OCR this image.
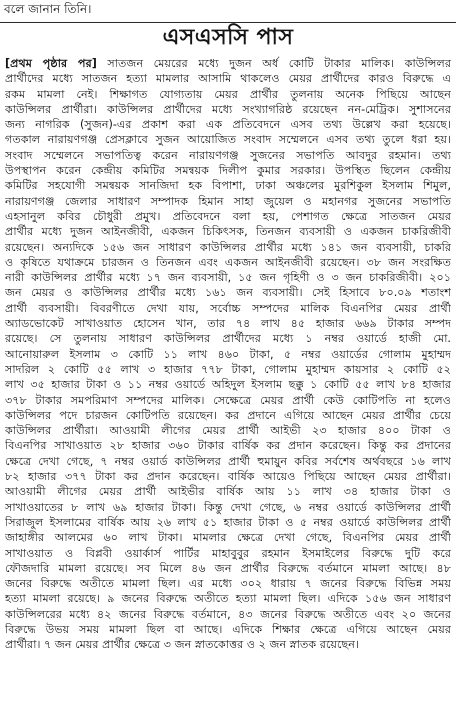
বলে জানান তিনি।
এসএসসি পাস
[প্রথম পৃষ্ঠার পর] সাতজন মেয়রের মধ্যে দুজন অর্ধ কোটি টাকার মালিক। কাউন্সিলর
প্রার্থীদের মধ্যে সাতজন হত্যা মামলার আসামি থাকলেও মেয়র প্রার্থীদের কারও বিরুদ্ধে এ
রকম মামলা নেই। শিক্ষাগত যোগ্যতায় মেয়র প্রার্থীর তুলনায় অনেক পিছিয়ে আছেন
কাউন্সিলর প্রার্থীরা। কাউন্সিলর প্রার্থীদের মধ্যে সংখ্যাগরিষ্ঠ রয়েছেন নন-মেট্রিক। সুশাসনের
জন্য নাগরিক (সুজন)-এর প্রকাশ করা এক প্রতিবেদনে এসব তথ্য উল্লেখ করা হয়েছে।
গতকাল নারায়ণগঞ্জ প্রেসক্লাবে সুজন আয়োজিত সংবাদ সম্মেলনে এসব তথ্য তুলে ধরা হয়।
সংবাদ সম্মেলনে সভাপতিত্ব করেন নারায়ণগঞ্জ সুজনের সভাপতি আবদুর রহমান। তথ্য
উপস্থাপন করেন কেন্দ্রীয় কমিটির সমন্বয়ক দিলীপ কুমার সরকার। উপস্থিত ছিলেন কেন্দ্রীয়
কমিটির সহযোগী সমন্বয়ক সানজিদা হক বিপাশা, ঢাকা অঞ্চলের মুরশিকুল ইসলাম শিমুল,
নারায়ণগঞ্জ জেলার সাধারণ সম্পাদক হিমান সাহা জুয়েল ও মহানগর সুজনের সভাপতি
এহসানুল কবির চৌধুরী প্রমুখ। প্রতিবেদনে বলা হয়, পেশাগত ক্ষেত্রে সাতজন মেয়র
প্রার্থীর মধ্যে দুজন আইনজীবী, একজন চিকিৎসক, তিনজন ব্যবসায়ী ও একজন চাকরিজীবী
রয়েছেন। অন্যদিকে ১৫৬ জন সাধারণ কাউন্সিলর প্রার্থীর মধ্যে ১৪১ জন ব্যবসায়ী, চাকরি
ও কৃষিতে যথাক্রমে চারজন ও তিনজন এবং একজন আইনজীবী রয়েছেন। ৩৮ জন সংরক্ষিত
নারী কাউন্সিলর প্রার্থীর মধ্যে ১৭ জন ব্যবসায়ী, ১৫ জন গৃহিণী ও ৩ জন চাকরিজীবী। ২০১
জন মেয়র ও কাউন্সিলর প্রার্থীর মধ্যে ১৬১ জন ব্যবসায়ী। সেই হিসাবে ৮০.০৯ শতাংশ
প্রার্থী ব্যবসায়ী। বিবরণীতে দেখা যায়, সর্বোচ্চ সম্পদের মালিক বিএনপির মেয়র প্রার্থী
অ্যাডভোকেট সাখাওয়াত হোসেন খান, তার ৭৪ লাখ ৪৫ হাজার ৬৬৯ টাকার সম্পদ
রয়েছে। সে তুলনায় সাধারণ কাউন্সিলর প্রার্থীদের মধ্যে ১ নম্বর ওয়ার্ডে হাজী মো.
আনোয়ারুল ইসলাম ৩ কোটি ১১ লাখ ৪৬০ টাকা, ৫ নম্বর ওয়ার্ডের গোলাম মুহাম্মদ
সাদরিল ২ কোটি ৫৫ লাখ ৩ হাজার ৭৭৮ টাকা, গোলাম মুহাম্মদ কায়সার ২ কোটি ৫২
লাখ ৩৫ হাজার টাকা ও ১১ নম্বর ওয়ার্ডে অহিদুল ইসলাম ছক্কু ১ কোটি ৫৫ লাখ ৮৪ হাজার
৩৭৮ টাকার সমপরিমাণ সম্পদের মালিক। সেক্ষেত্রে মেয়র প্রার্থী কেউ কোটিপতি না হলেও
কাউন্সিলর পদে চারজন কোটিপতি রয়েছেন। কর প্রদানে এগিয়ে আছেন মেয়র প্রার্থীর চেয়ে
কাউন্সিলর প্রার্থীরা। আওয়ামী লীগের মেয়র প্রার্থী আইভী ২৩ হাজার ৪০০ টাকা ও
বিএনপির সাখাওয়াত ২৮ হাজার ৩৬০ টাকার বার্ষিক কর প্রদান করেছেন। কিন্তু কর প্রদানের
ক্ষেত্রে দেখা গেছে, ৭ নম্বর ওয়ার্ড কাউন্সিলর প্রার্থী হুমায়ুন কবির সর্বশেষ অর্থবছরে ১৬ লাখ
৮২ হাজার ৩৭৭ টাকা কর প্রদান করেছেন। বার্ষিক আয়েও পিছিয়ে আছেন মেয়র প্রার্থীরা।
আওয়ামী লীগের মেয়র প্রার্থী আইভীর বার্ষিক আয় ১১ লাখ ৩৪ হাজার টাকা ও
সাখাওয়াতের ৮ লাখ ৬৯ হাজার টাকা। কিন্তু দেখা গেছে, ৬ নম্বর ওয়ার্ডে কাউন্সিলর প্রার্থী
সিরাজুল ইসলামের বার্ষিক আয় ২৬ লাখ ৫১ হাজার টাকা ও ৫ নম্বর ওয়ার্ডে কাউন্সিলর প্রার্থী
জাহাঙ্গীর আলমের ৬০ লাখ টাকা। মামলার ক্ষেত্রে দেখা গেছে, বিএনপির মেয়র প্রার্থী
সাখাওয়াত ও বিপ্লবী ওয়ার্কার্স পার্টির মাহাবুবুর রহমান ইসমাইলের বিরুদ্ধে দুটি করে
ফৌজদারি মামলা রয়েছে। সব মিলে ৪৬ জন প্রার্থীর বিরুদ্ধে বর্তমানে মামলা আছে। ৪৮
জনের বিরুদ্ধে অতীতে মামলা ছিল। এর মধ্যে ৩০২ ধারায় ৭ জনের বিরুদ্ধে বিভিন্ন সময়
হত্যা মামলা রয়েছে। ৯ জনের বিরুদ্ধে অতীতে হত্যা মামলা ছিল। এদিকে ১৫৬ জন সাধারণ
কাউন্সিলরের মধ্যে ৪২ জনের বিরুদ্ধে বর্তমানে, ৪৩ জনের বিরুদ্ধে অতীতে এবং ২০ জনের
বিরুদ্ধে উভয় সময় মামলা ছিল বা আছে। এদিকে শিক্ষার ক্ষেত্রে এগিয়ে আছেন মেয়র
প্রার্থীরা। ৭ জন মেয়র প্রার্থীর ক্ষেত্রে ৩ জন স্নাতকোত্তর ও ২ জন স্নাতক রয়েছেন।
